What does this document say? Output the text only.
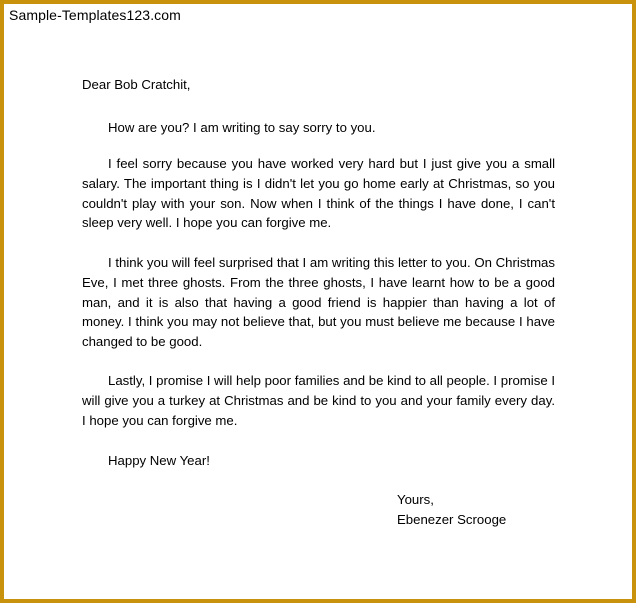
Sample-Templates123.com
Dear Bob Cratchit,
How are you? I am writing to say sorry to you.
I feel sorry because you have worked very hard but I just give you a small salary. The important thing is I didn't let you go home early at Christmas, so you couldn't play with your son. Now when I think of the things I have done, I can't sleep very well. I hope you can forgive me.
I think you will feel surprised that I am writing this letter to you. On Christmas Eve, I met three ghosts. From the three ghosts, I have learnt how to be a good man, and it is also that having a good friend is happier than having a lot of money. I think you may not believe that, but you must believe me because I have changed to be good.
Lastly, I promise I will help poor families and be kind to all people. I promise I will give you a turkey at Christmas and be kind to you and your family every day. I hope you can forgive me.
Happy New Year!
Yours,
Ebenezer Scrooge
